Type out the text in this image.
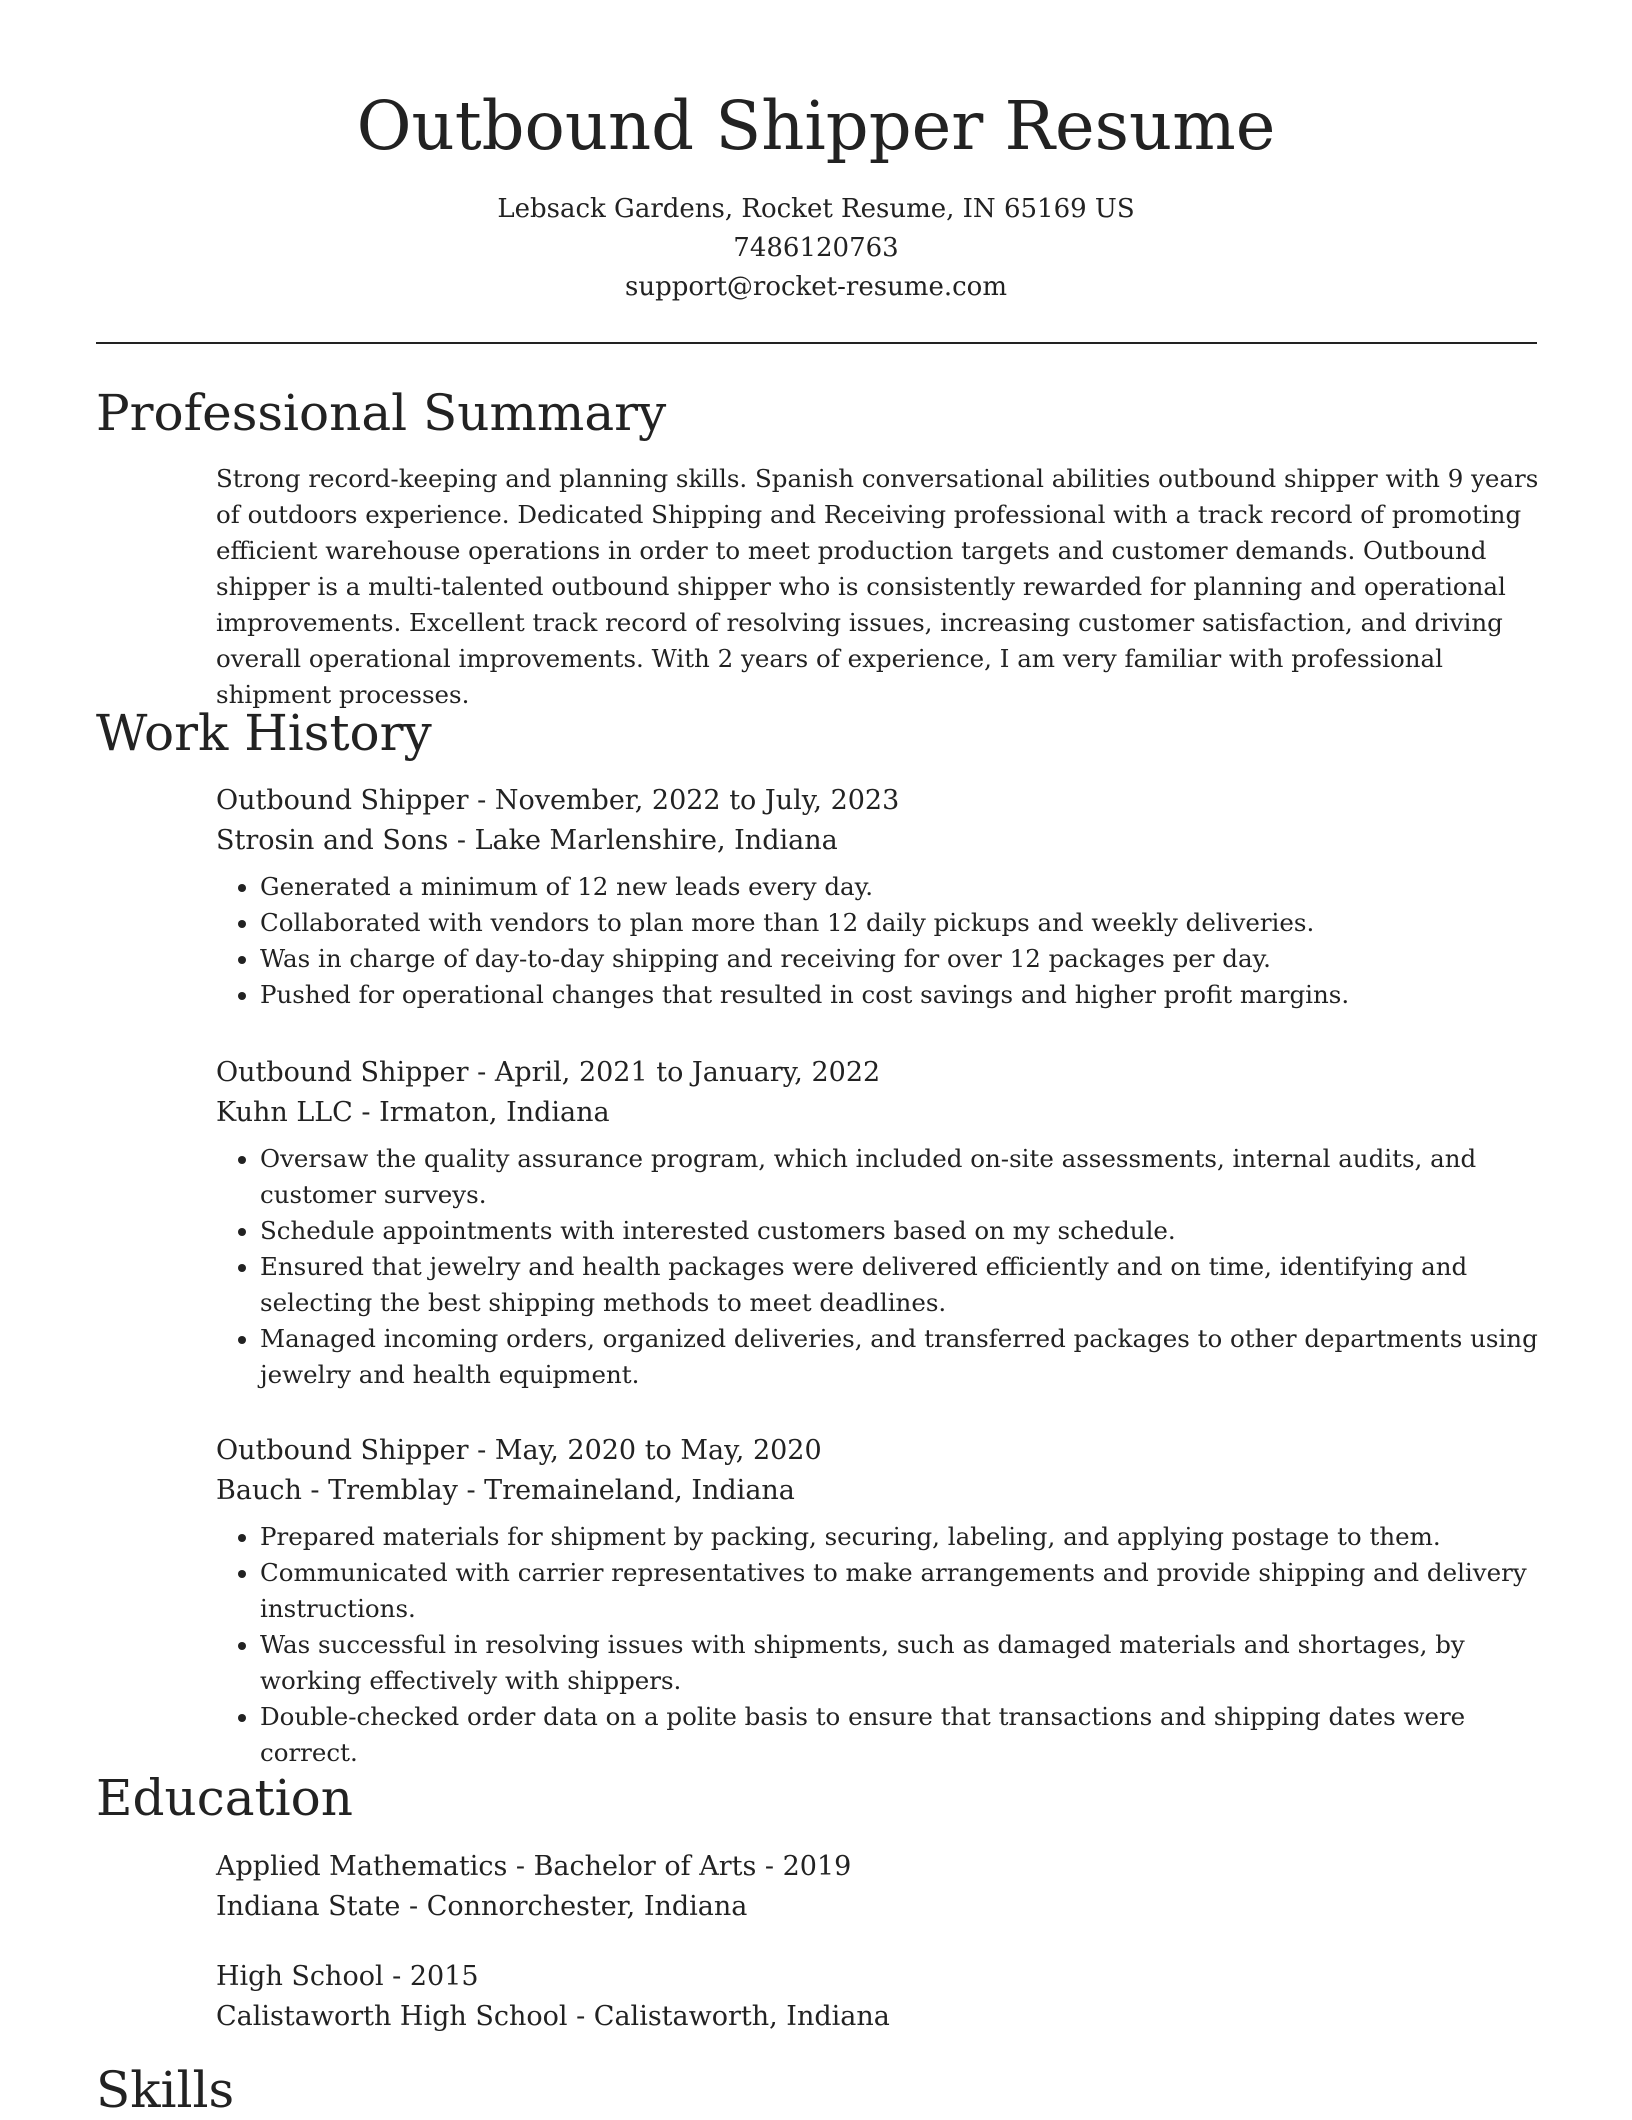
Outbound Shipper Resume
Lebsack Gardens, Rocket Resume, IN 65169 US
7486120763
support@rocket-resume.com
Professional Summary

Strong record-keeping and planning skills. Spanish conversational abilities outbound shipper with 9 years of outdoors experience. Dedicated Shipping and Receiving professional with a track record of promoting efficient warehouse operations in order to meet production targets and customer demands. Outbound shipper is a multi-talented outbound shipper who is consistently rewarded for planning and operational improvements. Excellent track record of resolving issues, increasing customer satisfaction, and driving overall operational improvements. With 2 years of experience, I am very familiar with professional shipment processes.

Work History
Outbound Shipper - November, 2022 to July, 2023
Strosin and Sons - Lake Marlenshire, Indiana
• Generated a minimum of 12 new leads every day.
• Collaborated with vendors to plan more than 12 daily pickups and weekly deliveries.
• Was in charge of day-to-day shipping and receiving for over 12 packages per day.
• Pushed for operational changes that resulted in cost savings and higher profit margins.
Outbound Shipper - April, 2021 to January, 2022
Kuhn LLC - Irmaton, Indiana
• Oversaw the quality assurance program, which included on-site assessments, internal audits, and customer surveys.
• Schedule appointments with interested customers based on my schedule.
• Ensured that jewelry and health packages were delivered efficiently and on time, identifying and selecting the best shipping methods to meet deadlines.
• Managed incoming orders, organized deliveries, and transferred packages to other departments using jewelry and health equipment.
Outbound Shipper - May, 2020 to May, 2020
Bauch - Tremblay - Tremaineland, Indiana
• Prepared materials for shipment by packing, securing, labeling, and applying postage to them.
• Communicated with carrier representatives to make arrangements and provide shipping and delivery instructions.
• Was successful in resolving issues with shipments, such as damaged materials and shortages, by working effectively with shippers.
• Double-checked order data on a polite basis to ensure that transactions and shipping dates were correct.
Education
Applied Mathematics - Bachelor of Arts - 2019
Indiana State - Connorchester, Indiana
High School - 2015
Calistaworth High School - Calistaworth, Indiana
Skills
